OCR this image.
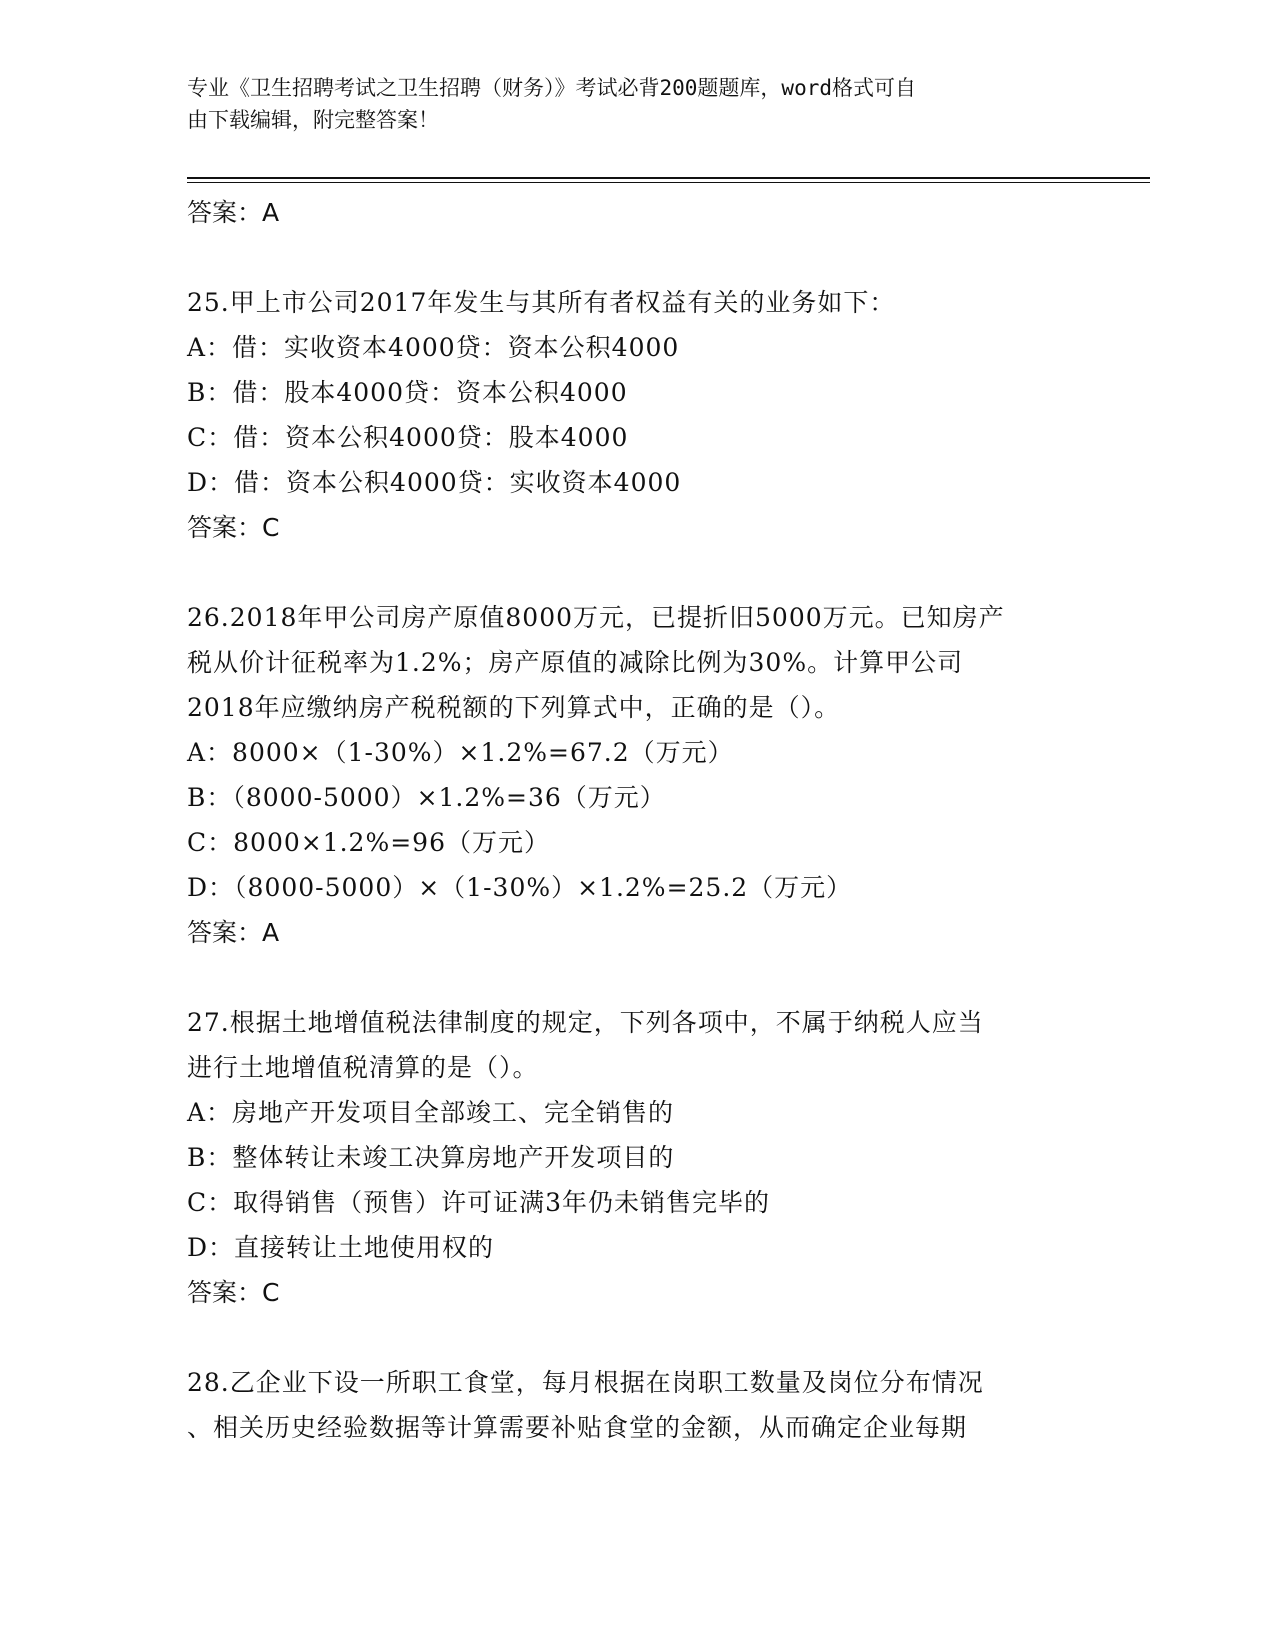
专业《卫生招聘考试之卫生招聘（财务）》考试必背200题题库，word格式可自
由下载编辑，附完整答案！
答案：A
25.甲上市公司2017年发生与其所有者权益有关的业务如下：
A：借：实收资本4000贷：资本公积4000
B：借：股本4000贷：资本公积4000
C：借：资本公积4000贷：股本4000
D：借：资本公积4000贷：实收资本4000
答案：C
26.2018年甲公司房产原值8000万元，已提折旧5000万元。已知房产
税从价计征税率为1.2%；房产原值的减除比例为30%。计算甲公司
2018年应缴纳房产税税额的下列算式中，正确的是（）。
A：8000×（1-30%）×1.2%=67.2（万元）
B：（8000-5000）×1.2%=36（万元）
C：8000×1.2%=96（万元）
D：（8000-5000）×（1-30%）×1.2%=25.2（万元）
答案：A
27.根据土地增值税法律制度的规定，下列各项中，不属于纳税人应当
进行土地增值税清算的是（）。
A：房地产开发项目全部竣工、完全销售的
B：整体转让未竣工决算房地产开发项目的
C：取得销售（预售）许可证满3年仍未销售完毕的
D：直接转让土地使用权的
答案：C
28.乙企业下设一所职工食堂，每月根据在岗职工数量及岗位分布情况
、相关历史经验数据等计算需要补贴食堂的金额，从而确定企业每期
